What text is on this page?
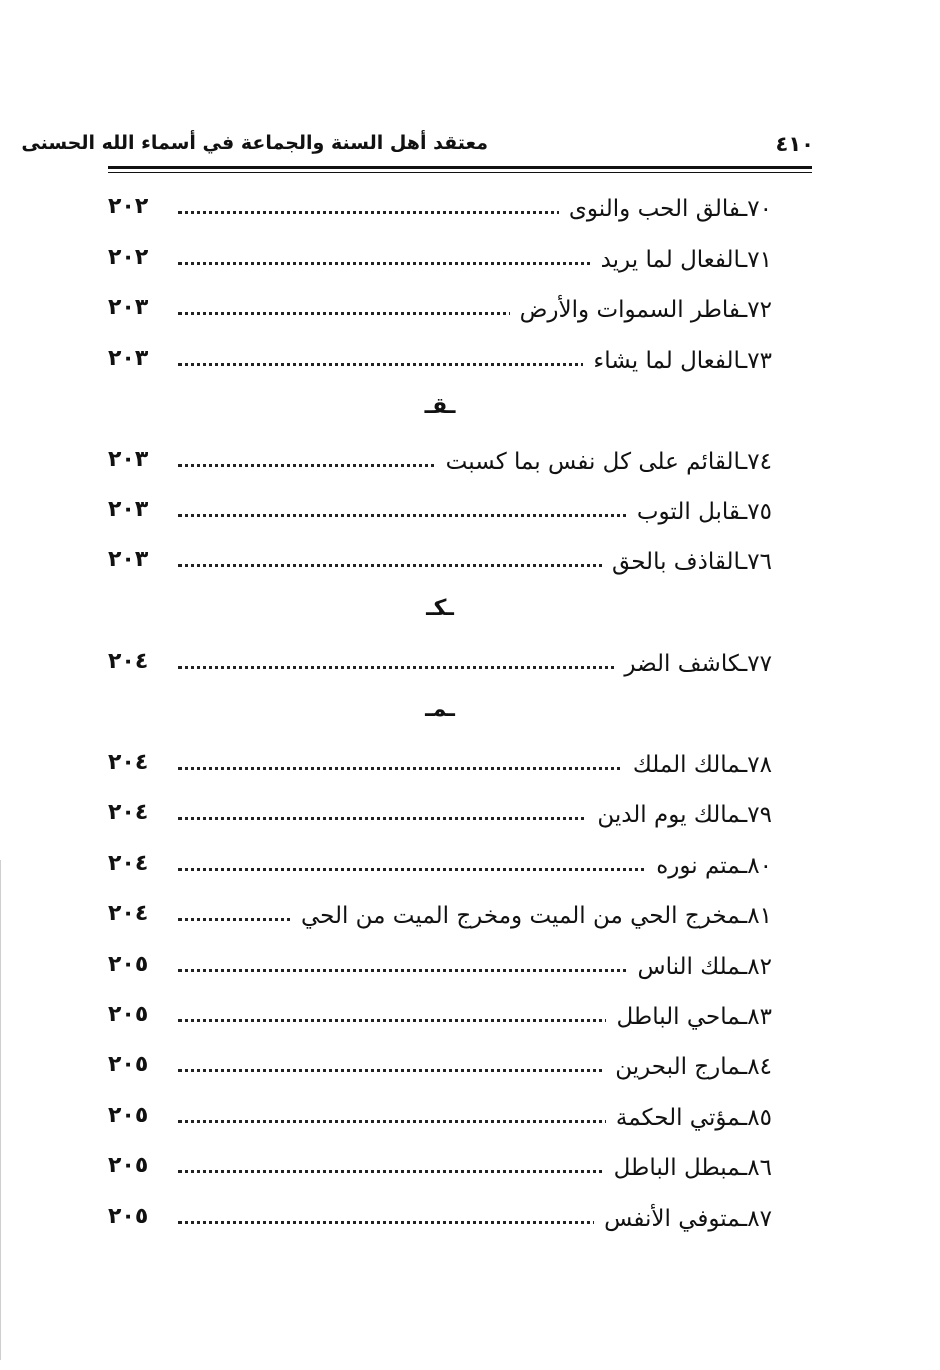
معتقد أهل السنة والجماعة في أسماء الله الحسنى	٤١٠
٧٠ـفالق الحب والنوى
٢٠٢
٧١ـالفعال لما يريد
٢٠٢
٧٢ـفاطر السموات والأرض
٢٠٣
٧٣ـالفعال لما يشاء
٢٠٣
ـقـ
٧٤ـالقائم على كل نفس بما كسبت
٢٠٣
٧٥ـقابل التوب
٢٠٣
٧٦ـالقاذف بالحق
٢٠٣
ـكـ
٧٧ـكاشف الضر
٢٠٤
ـمـ
٧٨ـمالك الملك
٢٠٤
٧٩ـمالك يوم الدين
٢٠٤
٨٠ـمتم نوره
٢٠٤
٨١ـمخرج الحي من الميت ومخرج الميت من الحي
٢٠٤
٨٢ـملك الناس
٢٠٥
٨٣ـماحي الباطل
٢٠٥
٨٤ـمارج البحرين
٢٠٥
٨٥ـمؤتي الحكمة
٢٠٥
٨٦ـمبطل الباطل
٢٠٥
٨٧ـمتوفي الأنفس
٢٠٥
